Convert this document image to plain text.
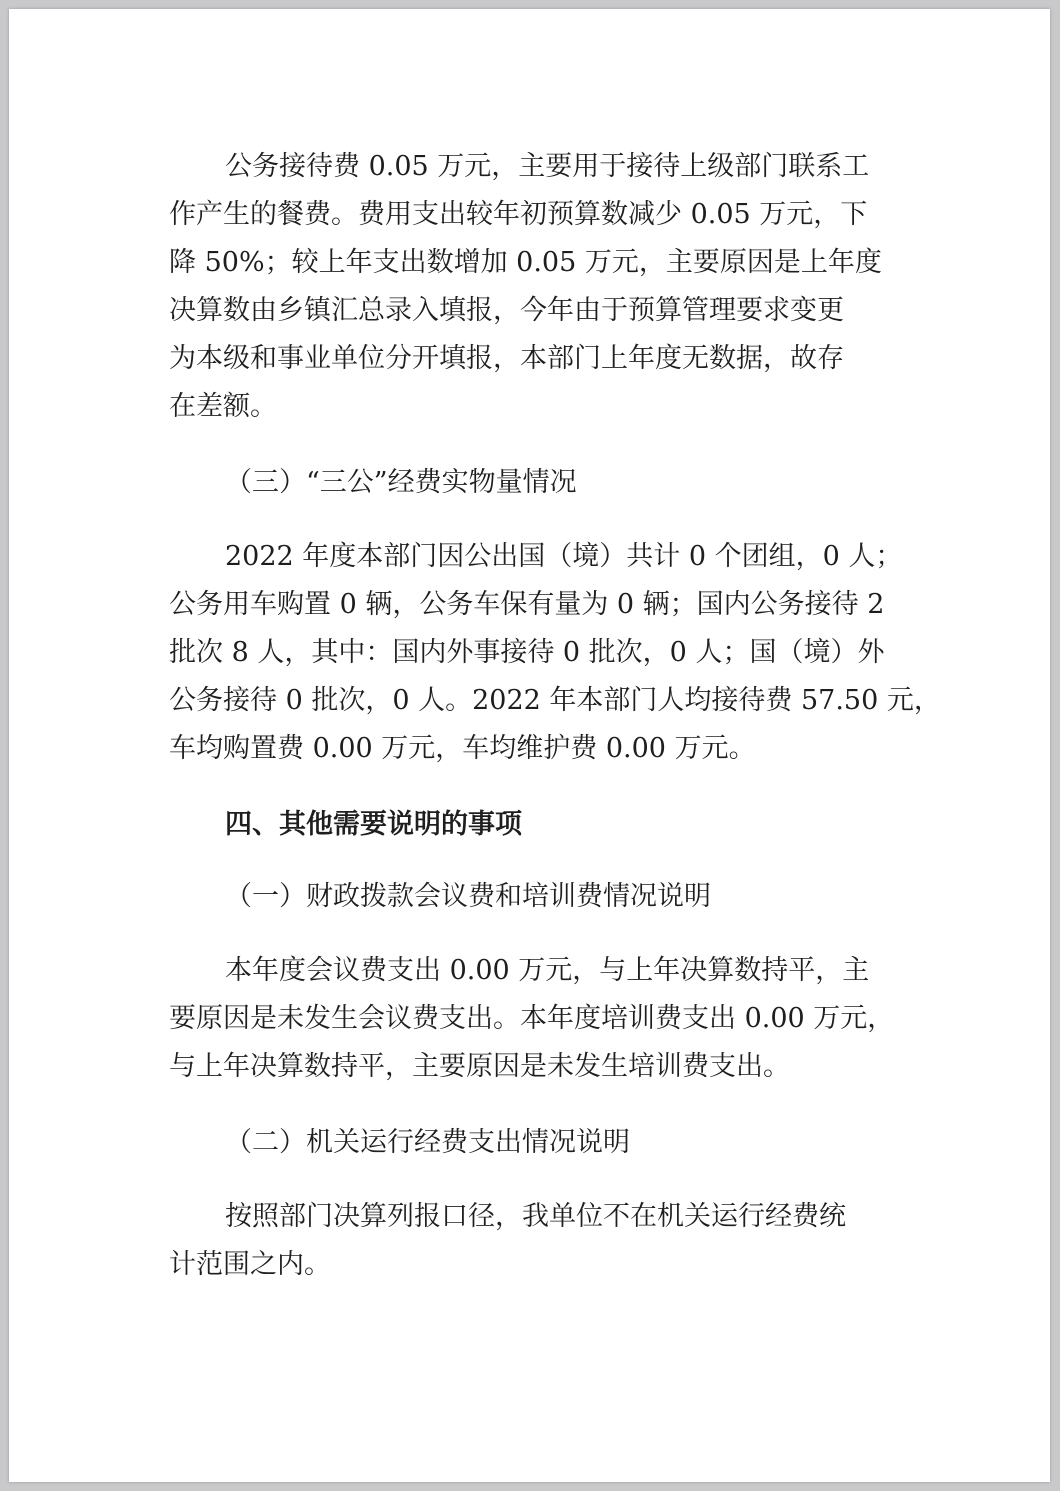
公务接待费 0.05 万元，主要用于接待上级部门联系工

作产生的餐费。费用支出较年初预算数减少 0.05 万元，下

降 50%；较上年支出数增加 0.05 万元，主要原因是上年度

决算数由乡镇汇总录入填报，今年由于预算管理要求变更

为本级和事业单位分开填报，本部门上年度无数据，故存

在差额。

（三）“三公”经费实物量情况

2022 年度本部门因公出国（境）共计 0 个团组，0 人；

公务用车购置 0 辆，公务车保有量为 0 辆；国内公务接待 2

批次 8 人，其中：国内外事接待 0 批次，0 人；国（境）外

公务接待 0 批次，0 人。2022 年本部门人均接待费 57.50 元，

车均购置费 0.00 万元，车均维护费 0.00 万元。

四、其他需要说明的事项

（一）财政拨款会议费和培训费情况说明

本年度会议费支出 0.00 万元，与上年决算数持平，主

要原因是未发生会议费支出。本年度培训费支出 0.00 万元，

与上年决算数持平，主要原因是未发生培训费支出。

（二）机关运行经费支出情况说明

按照部门决算列报口径，我单位不在机关运行经费统

计范围之内。
